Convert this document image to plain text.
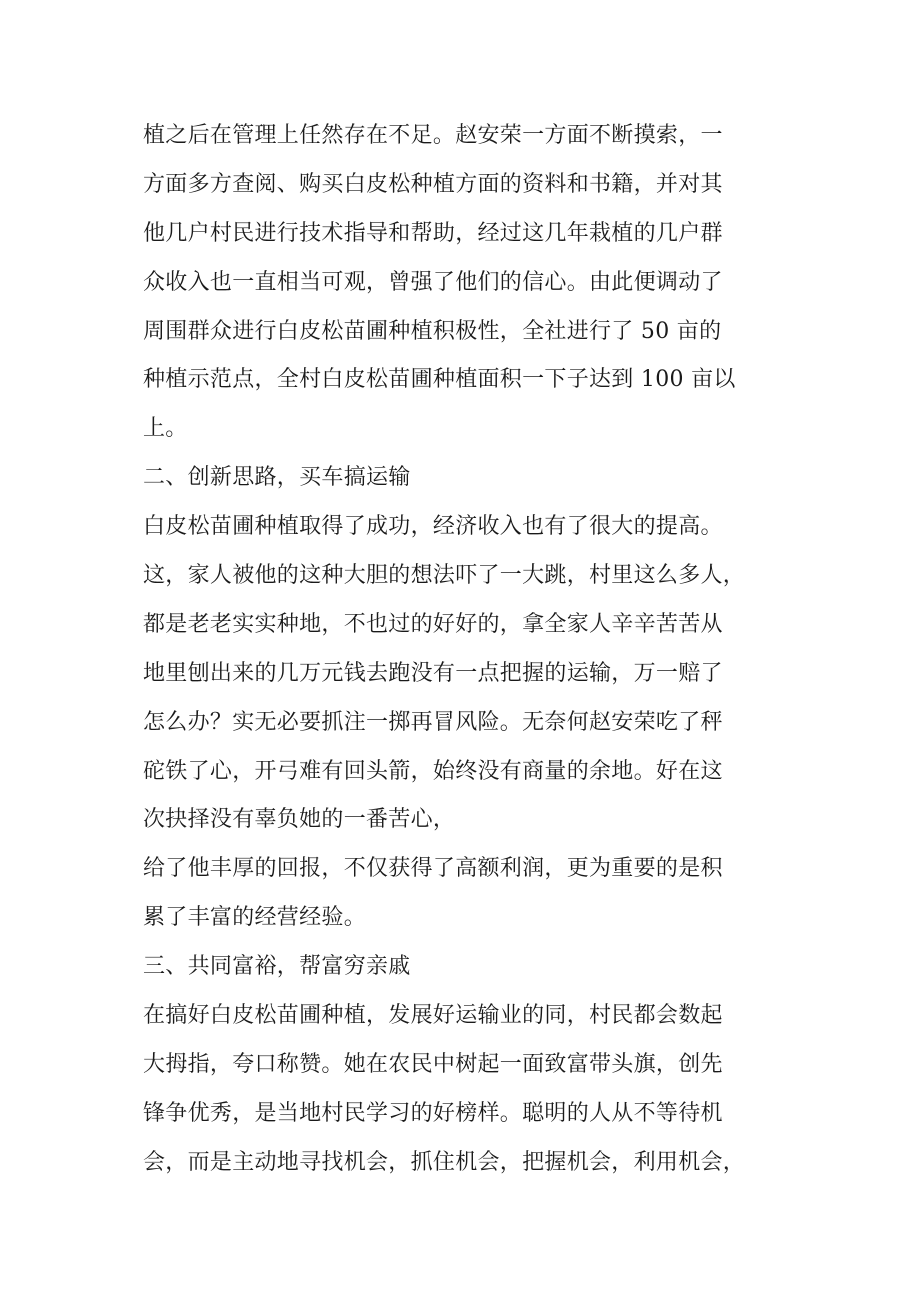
植之后在管理上任然存在不足。赵安荣一方面不断摸索，一
方面多方查阅、购买白皮松种植方面的资料和书籍，并对其
他几户村民进行技术指导和帮助，经过这几年栽植的几户群
众收入也一直相当可观，曾强了他们的信心。由此便调动了
周围群众进行白皮松苗圃种植积极性，全社进行了 50 亩的
种植示范点，全村白皮松苗圃种植面积一下子达到 100 亩以
上。
二、创新思路，买车搞运输
白皮松苗圃种植取得了成功，经济收入也有了很大的提高。
这，家人被他的这种大胆的想法吓了一大跳，村里这么多人，
都是老老实实种地，不也过的好好的，拿全家人辛辛苦苦从
地里刨出来的几万元钱去跑没有一点把握的运输，万一赔了
怎么办？实无必要抓注一掷再冒风险。无奈何赵安荣吃了秤
砣铁了心，开弓难有回头箭，始终没有商量的余地。好在这
次抉择没有辜负她的一番苦心，
给了他丰厚的回报，不仅获得了高额利润，更为重要的是积
累了丰富的经营经验。
三、共同富裕，帮富穷亲戚
在搞好白皮松苗圃种植，发展好运输业的同，村民都会数起
大拇指，夸口称赞。她在农民中树起一面致富带头旗，创先
锋争优秀，是当地村民学习的好榜样。聪明的人从不等待机
会，而是主动地寻找机会，抓住机会，把握机会，利用机会，
